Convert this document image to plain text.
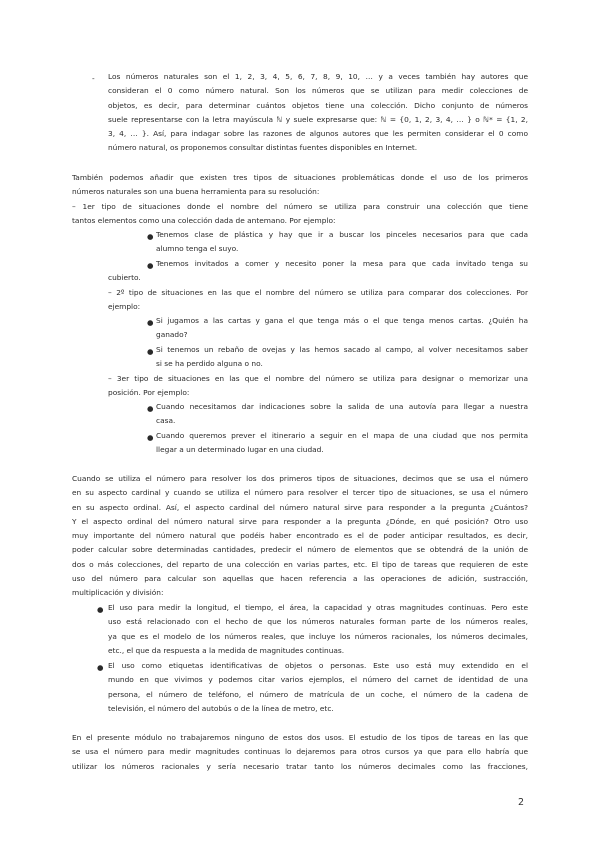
- Los números naturales son el 1, 2, 3, 4, 5, 6, 7, 8, 9, 10, … y a veces también hay autores que
consideran el 0 como número natural. Son los números que se utilizan para medir colecciones de
objetos, es decir, para determinar cuántos objetos tiene una colección. Dicho conjunto de números
suele representarse con la letra mayúscula ℕ y suele expresarse que: ℕ = {0, 1, 2, 3, 4, … } o ℕ* = {1, 2,
3, 4, … }. Así, para indagar sobre las razones de algunos autores que les permiten considerar el 0 como
número natural, os proponemos consultar distintas fuentes disponibles en Internet.
También podemos añadir que existen tres tipos de situaciones problemáticas donde el uso de los primeros
números naturales son una buena herramienta para su resolución:
– 1er tipo de situaciones donde el nombre del número se utiliza para construir una colección que tiene
tantos elementos como una colección dada de antemano. Por ejemplo:
● Tenemos clase de plástica y hay que ir a buscar los pinceles necesarios para que cada
alumno tenga el suyo.
● Tenemos invitados a comer y necesito poner la mesa para que cada invitado tenga su
cubierto.
– 2º tipo de situaciones en las que el nombre del número se utiliza para comparar dos colecciones. Por
ejemplo:
● Si jugamos a las cartas y gana el que tenga más o el que tenga menos cartas. ¿Quién ha
ganado?
● Si tenemos un rebaño de ovejas y las hemos sacado al campo, al volver necesitamos saber
si se ha perdido alguna o no.
– 3er tipo de situaciones en las que el nombre del número se utiliza para designar o memorizar una
posición. Por ejemplo:
● Cuando necesitamos dar indicaciones sobre la salida de una autovía para llegar a nuestra
casa.
● Cuando queremos prever el itinerario a seguir en el mapa de una ciudad que nos permita
llegar a un determinado lugar en una ciudad.
Cuando se utiliza el número para resolver los dos primeros tipos de situaciones, decimos que se usa el número
en su aspecto cardinal y cuando se utiliza el número para resolver el tercer tipo de situaciones, se usa el número
en su aspecto ordinal. Así, el aspecto cardinal del número natural sirve para responder a la pregunta ¿Cuántos?
Y el aspecto ordinal del número natural sirve para responder a la pregunta ¿Dónde, en qué posición? Otro uso
muy importante del número natural que podéis haber encontrado es el de poder anticipar resultados, es decir,
poder calcular sobre determinadas cantidades, predecir el número de elementos que se obtendrá de la unión de
dos o más colecciones, del reparto de una colección en varias partes, etc. El tipo de tareas que requieren de este
uso del número para calcular son aquellas que hacen referencia a las operaciones de adición, sustracción,
multiplicación y división:
● El uso para medir la longitud, el tiempo, el área, la capacidad y otras magnitudes continuas. Pero este
uso está relacionado con el hecho de que los números naturales forman parte de los números reales,
ya que es el modelo de los números reales, que incluye los números racionales, los números decimales,
etc., el que da respuesta a la medida de magnitudes continuas.
● El uso como etiquetas identificativas de objetos o personas. Este uso está muy extendido en el
mundo en que vivimos y podemos citar varios ejemplos, el número del carnet de identidad de una
persona, el número de teléfono, el número de matrícula de un coche, el número de la cadena de
televisión, el número del autobús o de la línea de metro, etc.
En el presente módulo no trabajaremos ninguno de estos dos usos. El estudio de los tipos de tareas en las que
se usa el número para medir magnitudes continuas lo dejaremos para otros cursos ya que para ello habría que
utilizar los números racionales y sería necesario tratar tanto los números decimales como las fracciones,
2
